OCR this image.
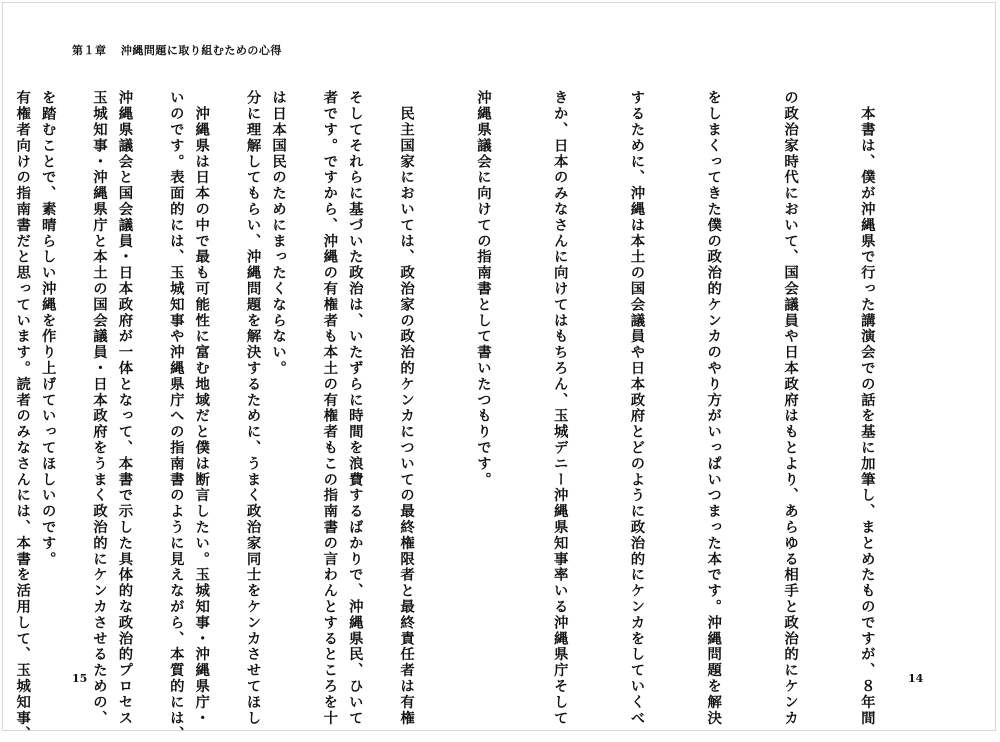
第１章 沖縄問題に取り組むための心得

　本書は、僕が沖縄県で行った講演会での話を基に加筆し、まとめたものですが、８年間

の政治家時代において、国会議員や日本政府はもとより、あらゆる相手と政治的にケンカ

をしまくってきた僕の政治的ケンカのやり方がいっぱいつまった本です。沖縄問題を解決

するために、沖縄は本土の国会議員や日本政府とどのように政治的にケンカをしていくべ

きか、日本のみなさんに向けてはもちろん、玉城デニー沖縄県知事率いる沖縄県庁そして

沖縄県議会に向けての指南書として書いたつもりです。

　民主国家においては、政治家の政治的ケンカについての最終権限者と最終責任者は有権

者です。ですから、沖縄の有権者も本土の有権者もこの指南書の言わんとするところを十

分に理解してもらい、沖縄問題を解決するために、うまく政治家同士をケンカさせてほし

いのです。表面的には、玉城知事や沖縄県庁への指南書のように見えながら、本質的には、

玉城知事・沖縄県庁と本土の国会議員・日本政府をうまく政治的にケンカさせるための、

有権者向けの指南書だと思っています。読者のみなさんには、本書を活用して、玉城知事、

	そしてそれらに基づいた政治は、いたずらに時間を浪費するばかりで、沖縄県民、ひいて

は日本国民のためにまったくならない。

　沖縄県は日本の中で最も可能性に富む地域だと僕は断言したい。玉城知事・沖縄県庁・

沖縄県議会と国会議員・日本政府が一体となって、本書で示した具体的な政治的プロセス

を踏むことで、素晴らしい沖縄を作り上げていってほしいのです。

15	14
